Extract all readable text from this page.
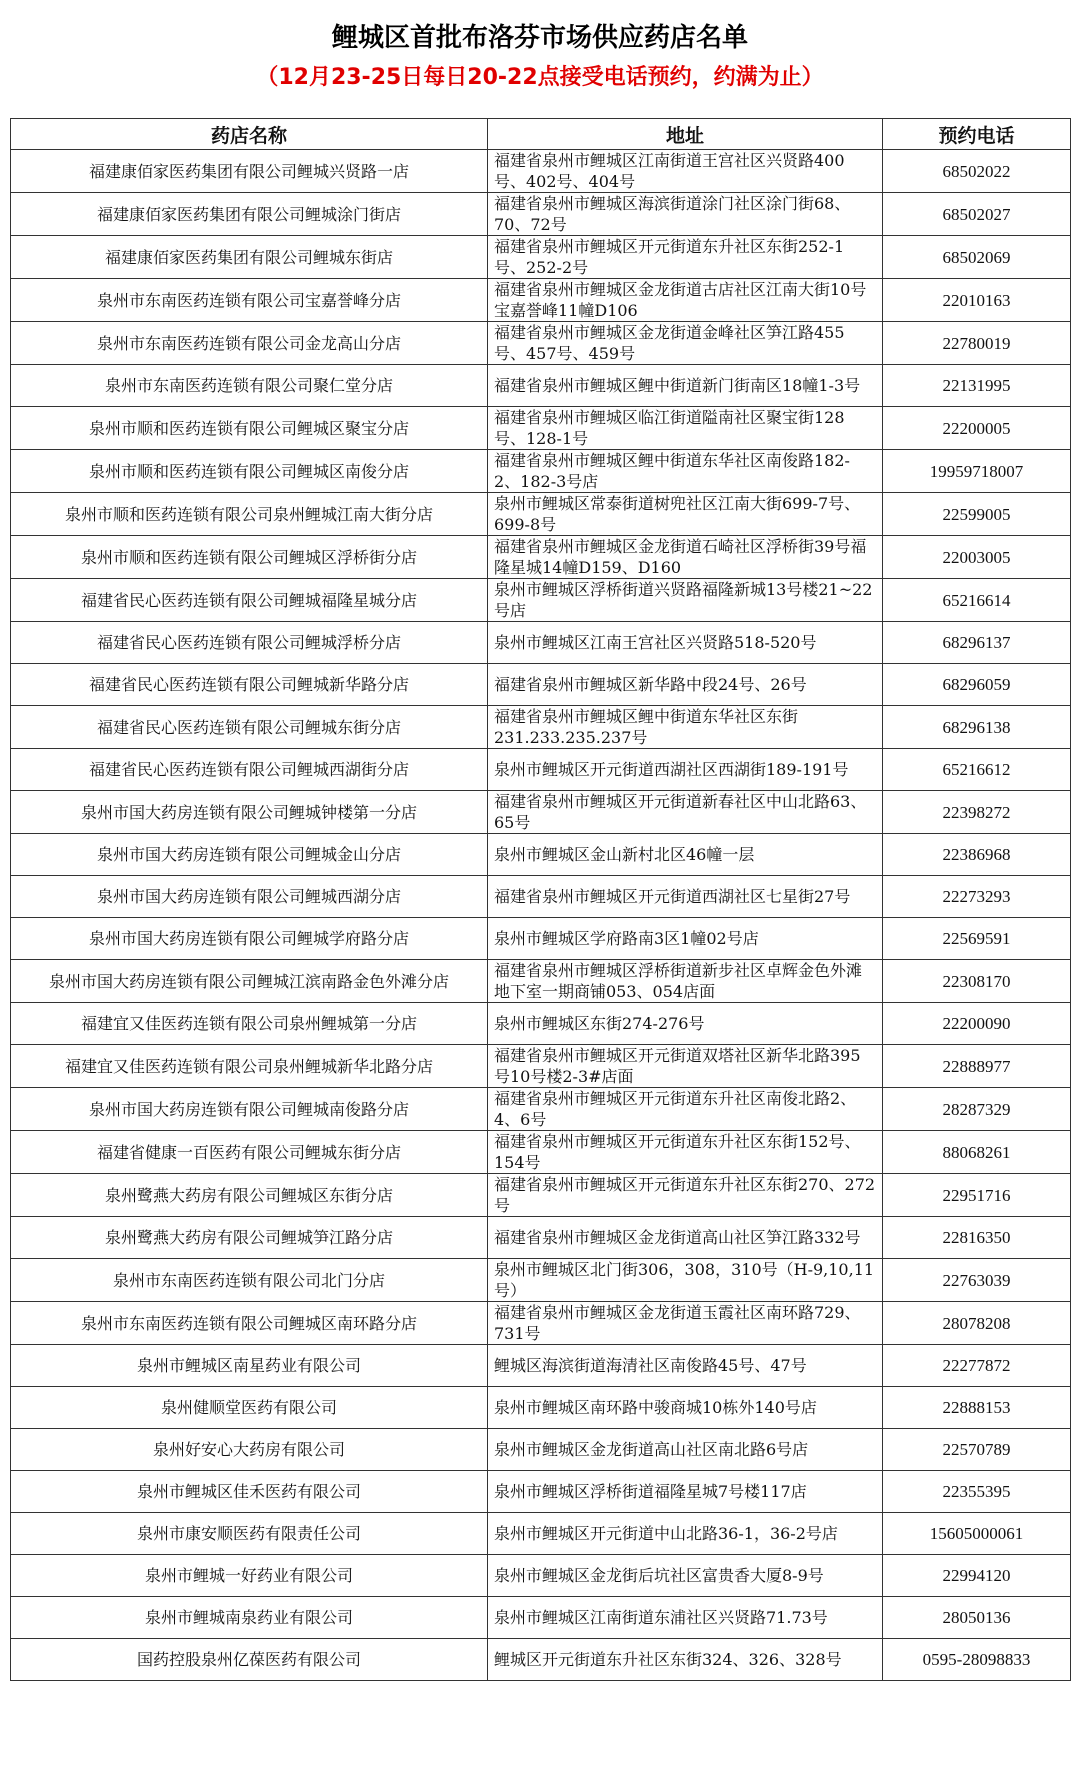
鲤城区首批布洛芬市场供应药店名单
（12月23-25日每日20-22点接受电话预约，约满为止）
药店名称	地址	预约电话
福建康佰家医药集团有限公司鲤城兴贤路一店	福建省泉州市鲤城区江南街道王宫社区兴贤路400号、402号、404号	68502022
福建康佰家医药集团有限公司鲤城涂门街店	福建省泉州市鲤城区海滨街道涂门社区涂门街68、70、72号	68502027
福建康佰家医药集团有限公司鲤城东街店	福建省泉州市鲤城区开元街道东升社区东街252-1号、252-2号	68502069
泉州市东南医药连锁有限公司宝嘉誉峰分店	福建省泉州市鲤城区金龙街道古店社区江南大街10号宝嘉誉峰11幢D106	22010163
泉州市东南医药连锁有限公司金龙高山分店	福建省泉州市鲤城区金龙街道金峰社区笋江路455号、457号、459号	22780019
泉州市东南医药连锁有限公司聚仁堂分店	福建省泉州市鲤城区鲤中街道新门街南区18幢1-3号	22131995
泉州市顺和医药连锁有限公司鲤城区聚宝分店	福建省泉州市鲤城区临江街道隘南社区聚宝街128号、128-1号	22200005
泉州市顺和医药连锁有限公司鲤城区南俊分店	福建省泉州市鲤城区鲤中街道东华社区南俊路182-2、182-3号店	19959718007
泉州市顺和医药连锁有限公司泉州鲤城江南大街分店	泉州市鲤城区常泰街道树兜社区江南大街699-7号、699-8号	22599005
泉州市顺和医药连锁有限公司鲤城区浮桥街分店	福建省泉州市鲤城区金龙街道石崎社区浮桥街39号福隆星城14幢D159、D160	22003005
福建省民心医药连锁有限公司鲤城福隆星城分店	泉州市鲤城区浮桥街道兴贤路福隆新城13号楼21~22号店	65216614
福建省民心医药连锁有限公司鲤城浮桥分店	泉州市鲤城区江南王宫社区兴贤路518-520号	68296137
福建省民心医药连锁有限公司鲤城新华路分店	福建省泉州市鲤城区新华路中段24号、26号	68296059
福建省民心医药连锁有限公司鲤城东街分店	福建省泉州市鲤城区鲤中街道东华社区东街231.233.235.237号	68296138
福建省民心医药连锁有限公司鲤城西湖街分店	泉州市鲤城区开元街道西湖社区西湖街189-191号	65216612
泉州市国大药房连锁有限公司鲤城钟楼第一分店	福建省泉州市鲤城区开元街道新春社区中山北路63、65号	22398272
泉州市国大药房连锁有限公司鲤城金山分店	泉州市鲤城区金山新村北区46幢一层	22386968
泉州市国大药房连锁有限公司鲤城西湖分店	福建省泉州市鲤城区开元街道西湖社区七星街27号	22273293
泉州市国大药房连锁有限公司鲤城学府路分店	泉州市鲤城区学府路南3区1幢02号店	22569591
泉州市国大药房连锁有限公司鲤城江滨南路金色外滩分店	福建省泉州市鲤城区浮桥街道新步社区卓辉金色外滩地下室一期商铺053、054店面	22308170
福建宜又佳医药连锁有限公司泉州鲤城第一分店	泉州市鲤城区东街274-276号	22200090
福建宜又佳医药连锁有限公司泉州鲤城新华北路分店	福建省泉州市鲤城区开元街道双塔社区新华北路395号10号楼2-3#店面	22888977
泉州市国大药房连锁有限公司鲤城南俊路分店	福建省泉州市鲤城区开元街道东升社区南俊北路2、4、6号	28287329
福建省健康一百医药有限公司鲤城东街分店	福建省泉州市鲤城区开元街道东升社区东街152号、154号	88068261
泉州鹭燕大药房有限公司鲤城区东街分店	福建省泉州市鲤城区开元街道东升社区东街270、272号	22951716
泉州鹭燕大药房有限公司鲤城笋江路分店	福建省泉州市鲤城区金龙街道高山社区笋江路332号	22816350
泉州市东南医药连锁有限公司北门分店	泉州市鲤城区北门街306，308，310号（H-9,10,11号）	22763039
泉州市东南医药连锁有限公司鲤城区南环路分店	福建省泉州市鲤城区金龙街道玉霞社区南环路729、731号	28078208
泉州市鲤城区南星药业有限公司	鲤城区海滨街道海清社区南俊路45号、47号	22277872
泉州健顺堂医药有限公司	泉州市鲤城区南环路中骏商城10栋外140号店	22888153
泉州好安心大药房有限公司	泉州市鲤城区金龙街道高山社区南北路6号店	22570789
泉州市鲤城区佳禾医药有限公司	泉州市鲤城区浮桥街道福隆星城7号楼117店	22355395
泉州市康安顺医药有限责任公司	泉州市鲤城区开元街道中山北路36-1，36-2号店	15605000061
泉州市鲤城一好药业有限公司	泉州市鲤城区金龙街后坑社区富贵香大厦8-9号	22994120
泉州市鲤城南泉药业有限公司	泉州市鲤城区江南街道东浦社区兴贤路71.73号	28050136
国药控股泉州亿葆医药有限公司	鲤城区开元街道东升社区东街324、326、328号	0595-28098833
